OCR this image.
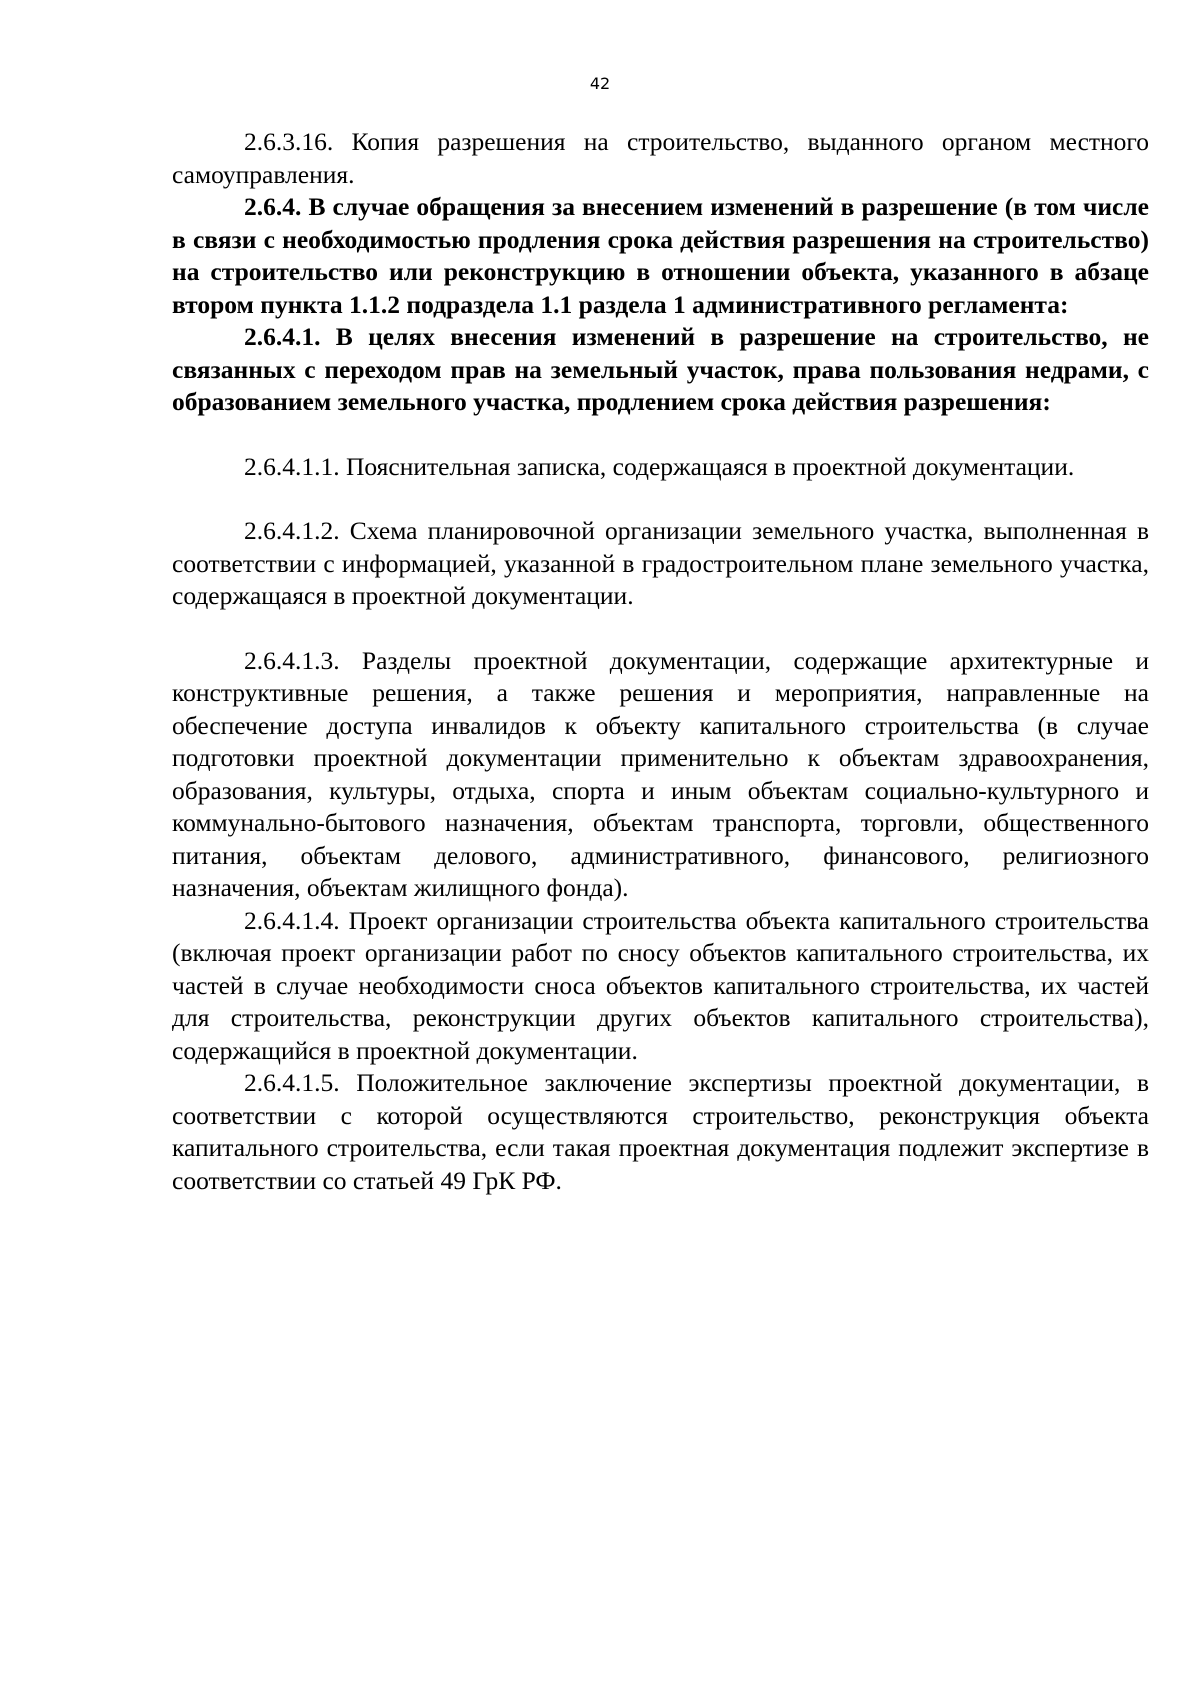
42

2.6.3.16. Копия разрешения на строительство, выданного органом местного самоуправления.

2.6.4. В случае обращения за внесением изменений в разрешение (в том числе в связи с необходимостью продления срока действия разрешения на строительство) на строительство или реконструкцию в отношении объекта, указанного в абзаце втором пункта 1.1.2 подраздела 1.1 раздела 1 административного регламента:

2.6.4.1. В целях внесения изменений в разрешение на строительство, не связанных с переходом прав на земельный участок, права пользования недрами, с образованием земельного участка, продлением срока действия разрешения:

2.6.4.1.1. Пояснительная записка, содержащаяся в проектной документации.

2.6.4.1.2. Схема планировочной организации земельного участка, выполненная в соответствии с информацией, указанной в градостроительном плане земельного участка, содержащаяся в проектной документации.

2.6.4.1.3. Разделы проектной документации, содержащие архитектурные и конструктивные решения, а также решения и мероприятия, направленные на обеспечение доступа инвалидов к объекту капитального строительства (в случае подготовки проектной документации применительно к объектам здравоохранения, образования, культуры, отдыха, спорта и иным объектам социально-культурного и коммунально-бытового назначения, объектам транспорта, торговли, общественного питания, объектам делового, административного, финансового, религиозного назначения, объектам жилищного фонда).

2.6.4.1.4. Проект организации строительства объекта капитального строительства (включая проект организации работ по сносу объектов капитального строительства, их частей в случае необходимости сноса объектов капитального строительства, их частей для строительства, реконструкции других объектов капитального строительства), содержащийся в проектной документации.

2.6.4.1.5. Положительное заключение экспертизы проектной документации, в соответствии с которой осуществляются строительство, реконструкция объекта капитального строительства, если такая проектная документация подлежит экспертизе в соответствии со статьей 49 ГрК РФ.
